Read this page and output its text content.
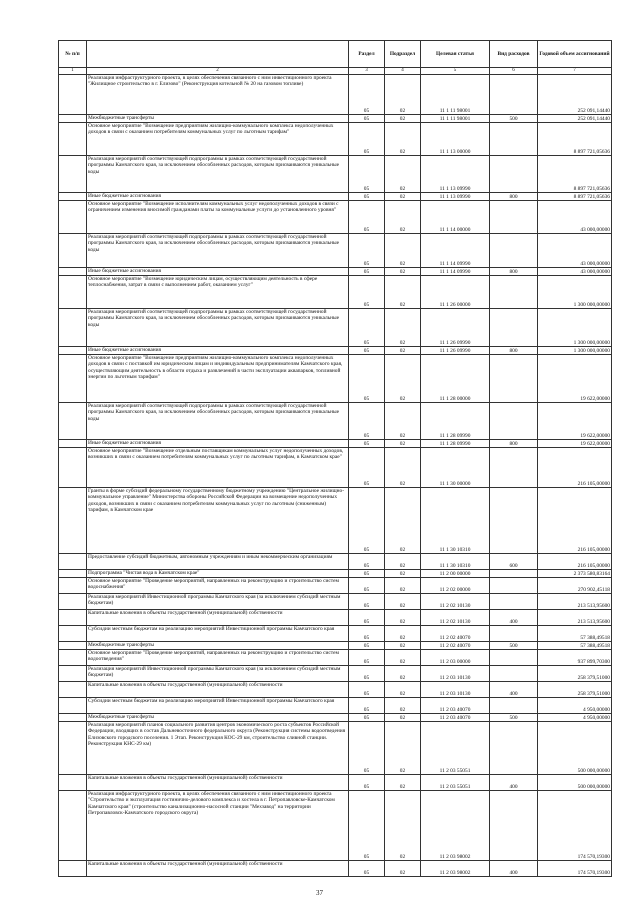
№ п/п		Раздел	Подраздел	Целевая статья	Вид расходов	Годовой объем ассигнований
1	2	3	4	5	6	7
	Реализация инфраструктурного проекта, в целях обеспечения связанного с ним инвестиционного проекта "Жилищное строительство в г. Елизово" (Реконструкция котельной № 20 на газовом топливе)	05	02	11 1 11 98001		252 091,14440
	Межбюджетные трансферты	05	02	11 1 11 98001	500	252 091,14440
	Основное мероприятие "Возмещение предприятиям жилищно-коммунального комплекса недополученных доходов в связи с оказанием потребителям коммунальных услуг по льготным тарифам"	05	02	11 1 13 00000		8 897 721,05636
	Реализация мероприятий соответствующей подпрограммы в рамках соответствующей государственной программы Камчатского края, за исключением обособленных расходов, которым присваиваются уникальные коды	05	02	11 1 13 09990		8 897 721,05636
	Иные бюджетные ассигнования	05	02	11 1 13 09990	800	8 897 721,05636
	Основное мероприятие "Возмещение исполнителям коммунальных услуг недополученных доходов в связи с ограничением изменения вносимой гражданами платы за коммунальные услуги до установленного уровня"	05	02	11 1 14 00000		43 000,00000
	Реализация мероприятий соответствующей подпрограммы в рамках соответствующей государственной программы Камчатского края, за исключением обособленных расходов, которым присваиваются уникальные коды	05	02	11 1 14 09990		43 000,00000
	Иные бюджетные ассигнования	05	02	11 1 14 09990	800	43 000,00000
	Основное мероприятие "Возмещение юридическим лицам, осуществляющим деятельность в сфере теплоснабжения, затрат в связи с выполнением работ, оказанием услуг"	05	02	11 1 26 00000		1 300 000,00000
	Реализация мероприятий соответствующей подпрограммы в рамках соответствующей государственной программы Камчатского края, за исключением обособленных расходов, которым присваиваются уникальные коды	05	02	11 1 26 09990		1 300 000,00000
	Иные бюджетные ассигнования	05	02	11 1 26 09990	800	1 300 000,00000
	Основное мероприятие "Возмещение предприятиям жилищно-коммунального комплекса недополученных доходов в связи с поставкой им юридическим лицам и индивидуальным предпринимателям Камчатского края, осуществляющим деятельность в области отдыха и развлечений в части эксплуатации аквапарков, топливной энергии по льготным тарифам"	05	02	11 1 28 00000		19 622,00000
	Реализация мероприятий соответствующей подпрограммы в рамках соответствующей государственной программы Камчатского края, за исключением обособленных расходов, которым присваиваются уникальные коды	05	02	11 1 28 09990		19 622,00000
	Иные бюджетные ассигнования	05	02	11 1 28 09990	800	19 622,00000
	Основное мероприятие "Возмещение отдельным поставщикам коммунальных услуг недополученных доходов, возникших в связи с оказанием потребителям коммунальных услуг по льготным тарифам, в Камчатском крае"	05	02	11 1 30 00000		216 105,00000
	Гранты в форме субсидий федеральному государственному бюджетному учреждению "Центральное жилищно-коммунальное управление" Министерства обороны Российской Федерации на возмещение недополученных доходов, возникших в связи с оказанием потребителям коммунальных услуг по льготным (сниженным) тарифам, в Камчатском крае	05	02	11 1 30 10310		216 105,00000
	Предоставление субсидий бюджетным, автономным учреждениям и иным некоммерческим организациям	05	02	11 1 30 10310	600	216 105,00000
	Подпрограмма "Чистая вода в Камчатском крае"	05	02	11 2 00 00000		2 373 580,83164
	Основное мероприятие "Проведение мероприятий, направленных на реконструкцию и строительство систем водоснабжения"	05	02	11 2 02 00000		270 902,45118
	Реализация мероприятий Инвестиционной программы Камчатского края (за исключением субсидий местным бюджетам)	05	02	11 2 02 10130		213 513,95600
	Капитальные вложения в объекты государственной (муниципальной) собственности	05	02	11 2 02 10130	400	213 513,95600
	Субсидии местным бюджетам на реализацию мероприятий Инвестиционной программы Камчатского края	05	02	11 2 02 40070		57 388,49518
	Межбюджетные трансферты	05	02	11 2 02 40070	500	57 388,49518
	Основное мероприятие "Проведение мероприятий, направленных на реконструкцию и строительство систем водоотведения"	05	02	11 2 03 00000		937 899,70300
	Реализация мероприятий Инвестиционной программы Камчатского края (за исключением субсидий местным бюджетам)	05	02	11 2 03 10130		258 379,51000
	Капитальные вложения в объекты государственной (муниципальной) собственности	05	02	11 2 03 10130	400	258 379,51000
	Субсидии местным бюджетам на реализацию мероприятий Инвестиционной программы Камчатского края	05	02	11 2 03 40070		4 950,00000
	Межбюджетные трансферты	05	02	11 2 03 40070	500	4 950,00000
	Реализация мероприятий планов социального развития центров экономического роста субъектов Российской Федерации, входящих в состав Дальневосточного федерального округа (Реконструкция системы водоотведения Елизовского городского поселения. 1 Этап. Реконструкция КОС-29 км, строительство сливной станции. Реконструкция КНС-29 км)	05	02	11 2 03 55051		500 000,00000
	Капитальные вложения в объекты государственной (муниципальной) собственности	05	02	11 2 03 55051	400	500 000,00000
	Реализация инфраструктурного проекта, в целях обеспечения связанного с ним инвестиционного проекта "Строительство и эксплуатация гостинично-делового комплекса и хостела в г. Петропавловске-Камчатском Камчатского края" (строительство канализационно-насосной станции "Мехзавод" на территории Петропавловск-Камчатского городского округа)	05	02	11 2 03 98002		174 570,19300
	Капитальные вложения в объекты государственной (муниципальной) собственности	05	02	11 2 03 98002	400	174 570,19300
37
